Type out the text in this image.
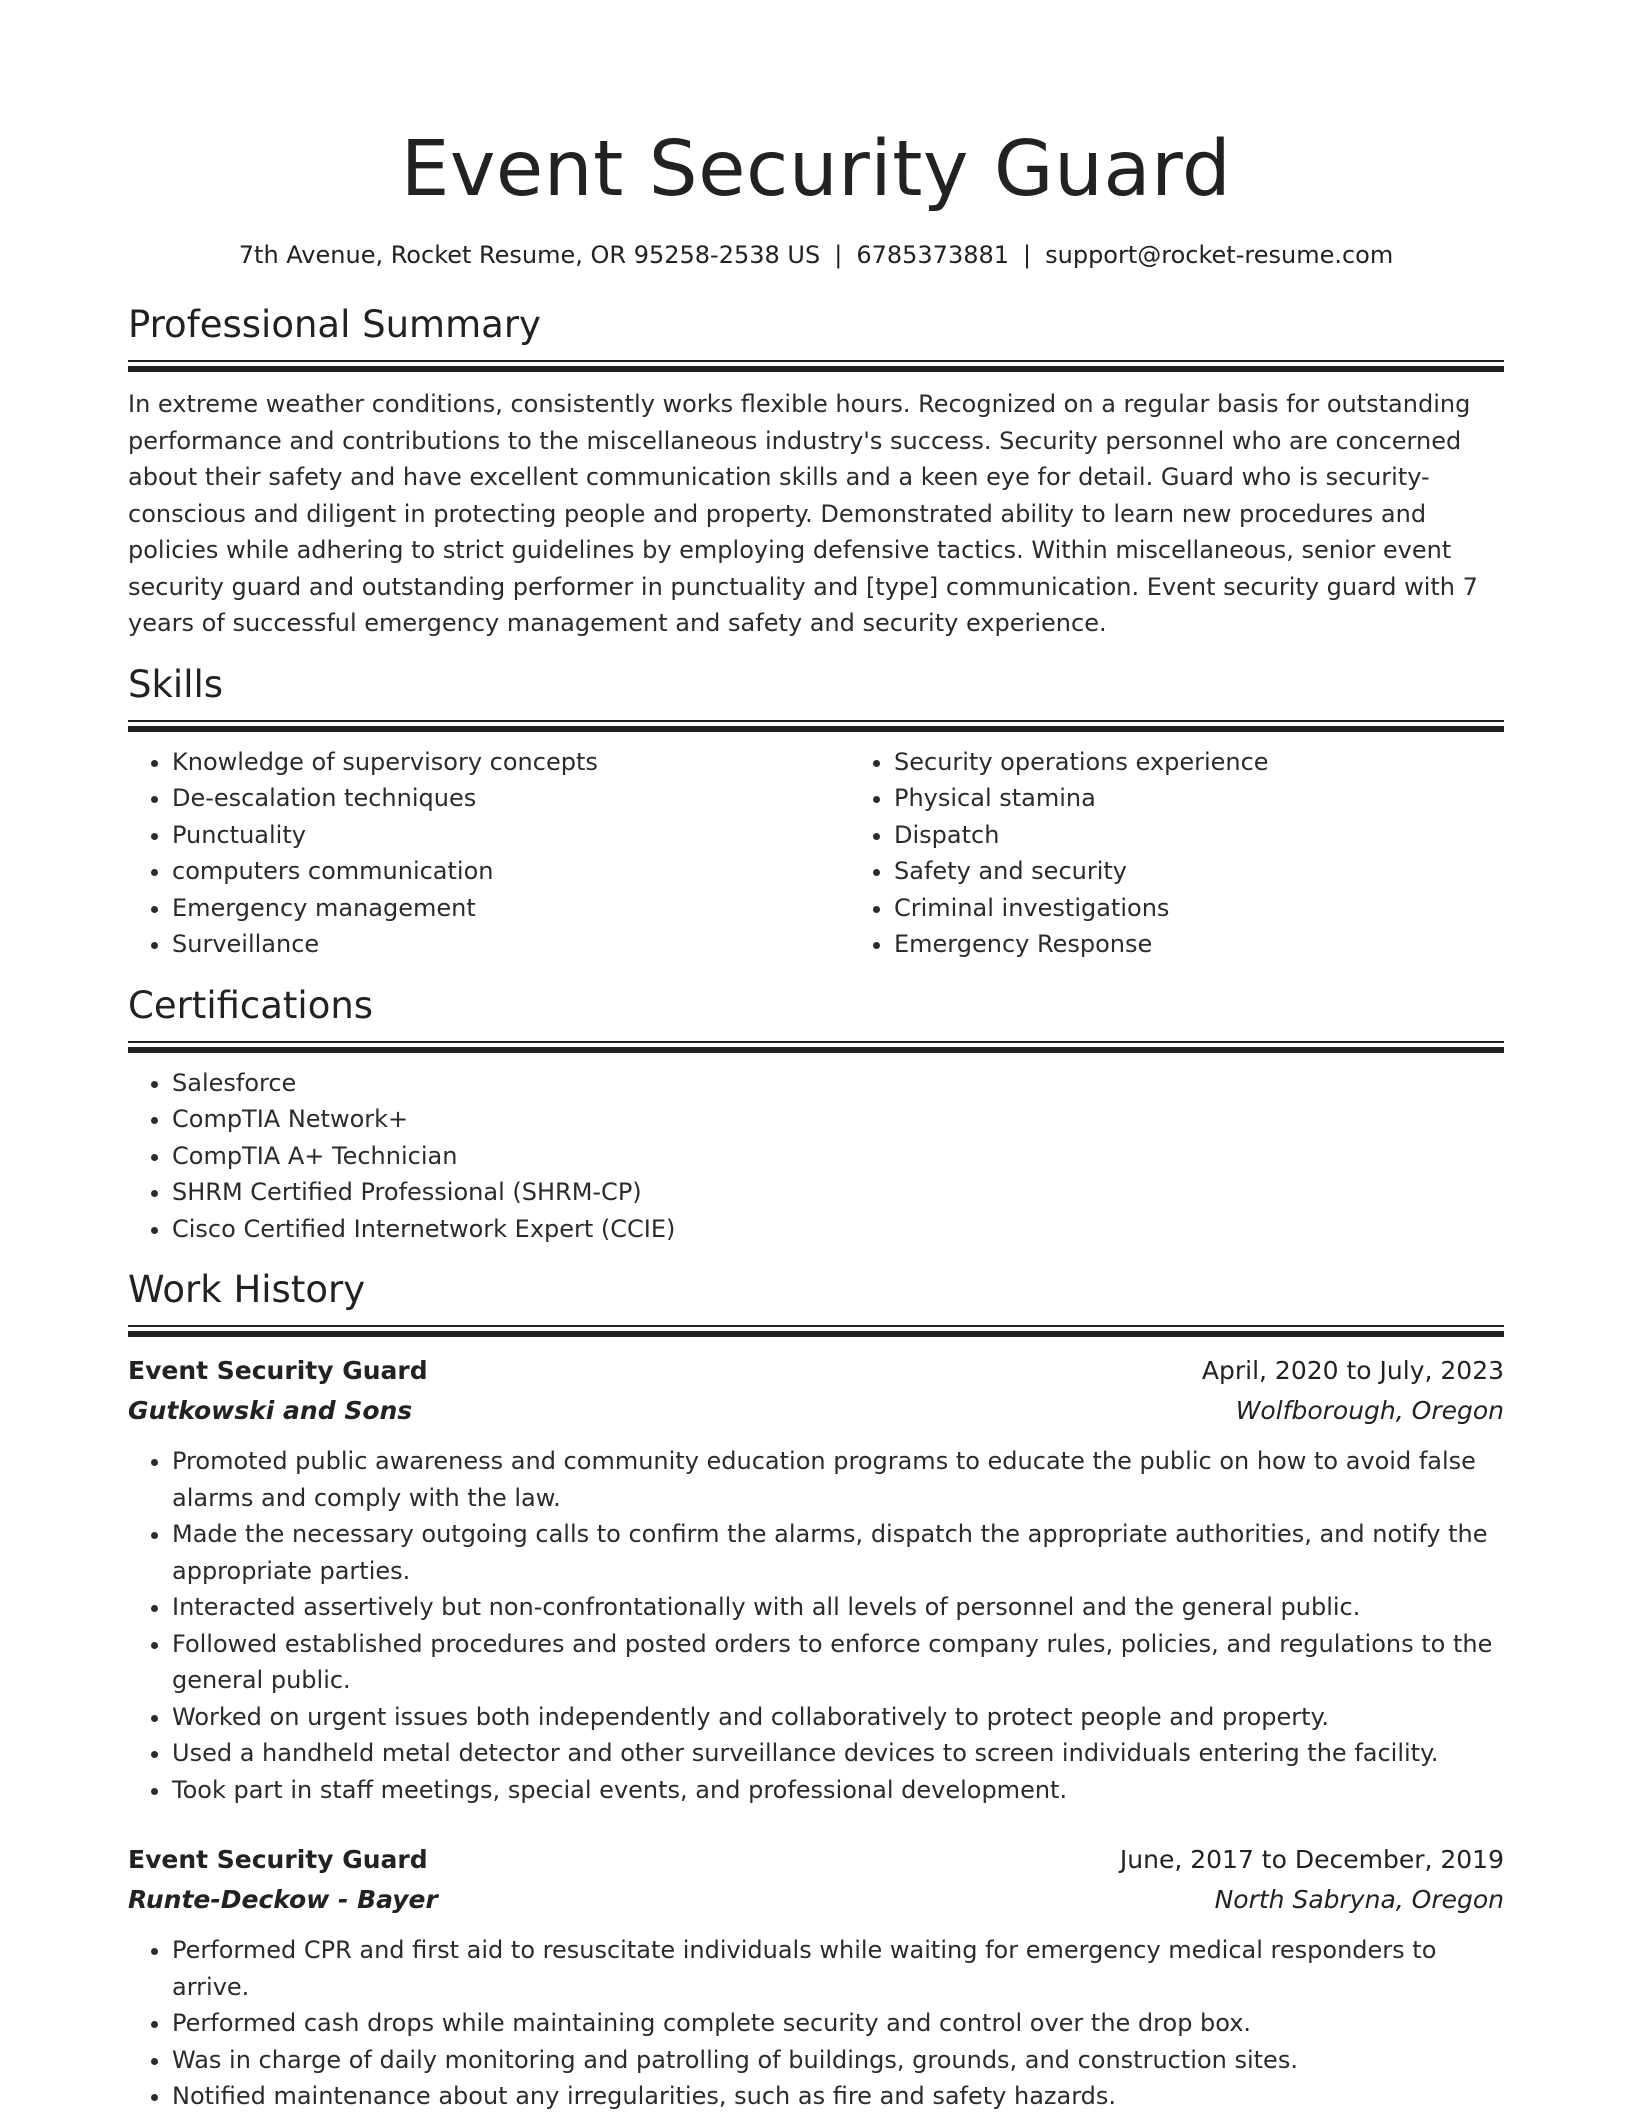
Event Security Guard
7th Avenue, Rocket Resume, OR 95258-2538 US | 6785373881 | support@rocket-resume.com
Professional Summary

In extreme weather conditions, consistently works flexible hours. Recognized on a regular basis for outstanding performance and contributions to the miscellaneous industry's success. Security personnel who are concerned about their safety and have excellent communication skills and a keen eye for detail. Guard who is security-conscious and diligent in protecting people and property. Demonstrated ability to learn new procedures and policies while adhering to strict guidelines by employing defensive tactics. Within miscellaneous, senior event security guard and outstanding performer in punctuality and [type] communication. Event security guard with 7 years of successful emergency management and safety and security experience.

Skills
• Knowledge of supervisory concepts
• De-escalation techniques
• Punctuality
• computers communication
• Emergency management
• Surveillance
• Security operations experience
• Physical stamina
• Dispatch
• Safety and security
• Criminal investigations
• Emergency Response
Certifications
• Salesforce
• CompTIA Network+
• CompTIA A+ Technician
• SHRM Certified Professional (SHRM-CP)
• Cisco Certified Internetwork Expert (CCIE)
Work History
Event Security Guard	April, 2020 to July, 2023
Gutkowski and Sons	Wolfborough, Oregon
• Promoted public awareness and community education programs to educate the public on how to avoid false alarms and comply with the law.
• Made the necessary outgoing calls to confirm the alarms, dispatch the appropriate authorities, and notify the appropriate parties.
• Interacted assertively but non-confrontationally with all levels of personnel and the general public.
• Followed established procedures and posted orders to enforce company rules, policies, and regulations to the general public.
• Worked on urgent issues both independently and collaboratively to protect people and property.
• Used a handheld metal detector and other surveillance devices to screen individuals entering the facility.
• Took part in staff meetings, special events, and professional development.
Event Security Guard	June, 2017 to December, 2019
Runte-Deckow - Bayer	North Sabryna, Oregon
• Performed CPR and first aid to resuscitate individuals while waiting for emergency medical responders to arrive.
• Performed cash drops while maintaining complete security and control over the drop box.
• Was in charge of daily monitoring and patrolling of buildings, grounds, and construction sites.
• Notified maintenance about any irregularities, such as fire and safety hazards.
